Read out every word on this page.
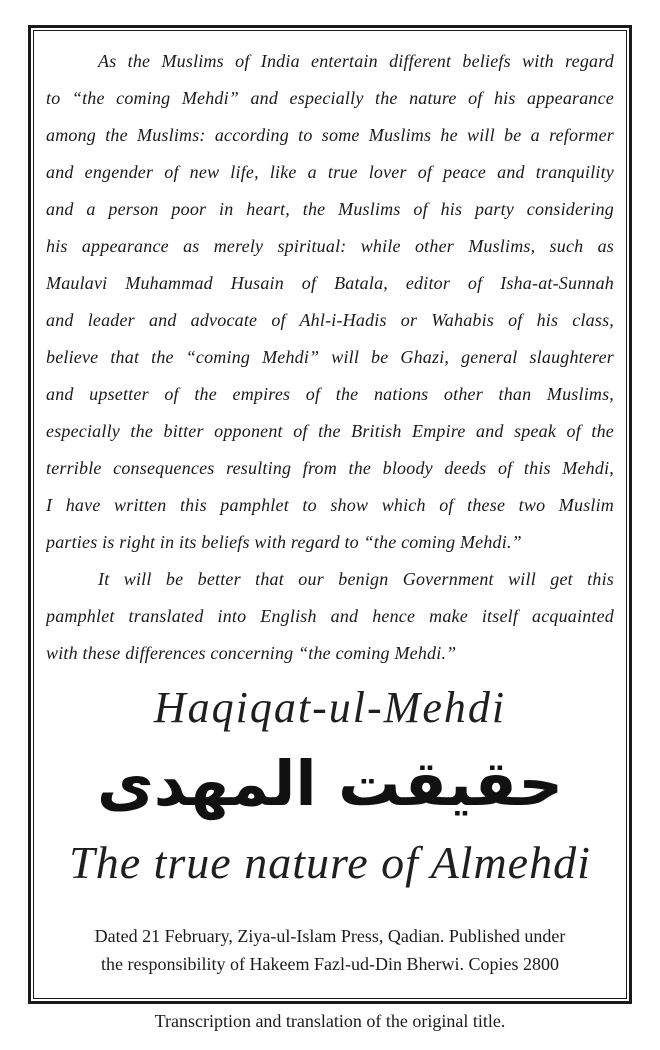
As the Muslims of India entertain different beliefs with regard
to “the coming Mehdi” and especially the nature of his appearance
among the Muslims: according to some Muslims he will be a reformer
and engender of new life, like a true lover of peace and tranquility
and a person poor in heart, the Muslims of his party considering
his appearance as merely spiritual: while other Muslims, such as
Maulavi Muhammad Husain of Batala, editor of Isha-at-Sunnah
and leader and advocate of Ahl-i-Hadis or Wahabis of his class,
believe that the “coming Mehdi” will be Ghazi, general slaughterer
and upsetter of the empires of the nations other than Muslims,
especially the bitter opponent of the British Empire and speak of the
terrible consequences resulting from the bloody deeds of this Mehdi,
I have written this pamphlet to show which of these two Muslim
parties is right in its beliefs with regard to “the coming Mehdi.”
It will be better that our benign Government will get this
pamphlet translated into English and hence make itself acquainted
with these differences concerning “the coming Mehdi.”
Haqiqat-ul-Mehdi
حقيقت المهدى
The true nature of Almehdi
Dated 21 February, Ziya-ul-Islam Press, Qadian. Published under
the responsibility of Hakeem Fazl-ud-Din Bherwi. Copies 2800
Transcription and translation of the original title.
